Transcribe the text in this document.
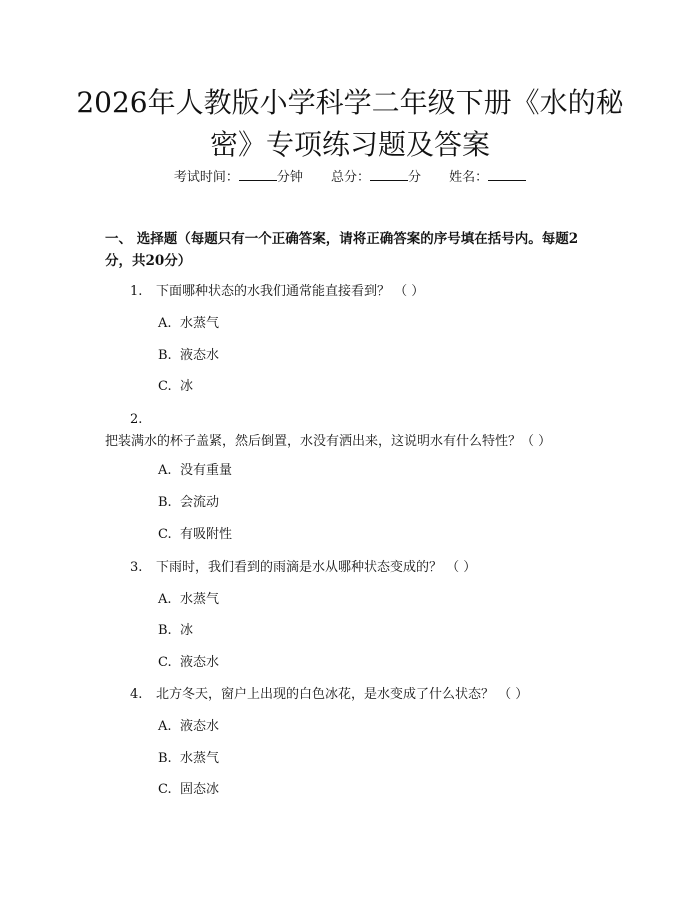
2026年人教版小学科学二年级下册《水的秘密》专项练习题及答案
考试时间：	分钟 总分：	分 姓名：
一、 选择题（每题只有一个正确答案，请将正确答案的序号填在括号内。每题2分，共20分）
1. 下面哪种状态的水我们通常能直接看到？ （ ）
A. 水蒸气
B. 液态水
C. 冰
2.把装满水的杯子盖紧，然后倒置，水没有洒出来，这说明水有什么特性？（ ）
A. 没有重量
B. 会流动
C. 有吸附性
3. 下雨时，我们看到的雨滴是水从哪种状态变成的？ （ ）
A. 水蒸气
B. 冰
C. 液态水
4. 北方冬天，窗户上出现的白色冰花，是水变成了什么状态？ （ ）
A. 液态水
B. 水蒸气
C. 固态冰
